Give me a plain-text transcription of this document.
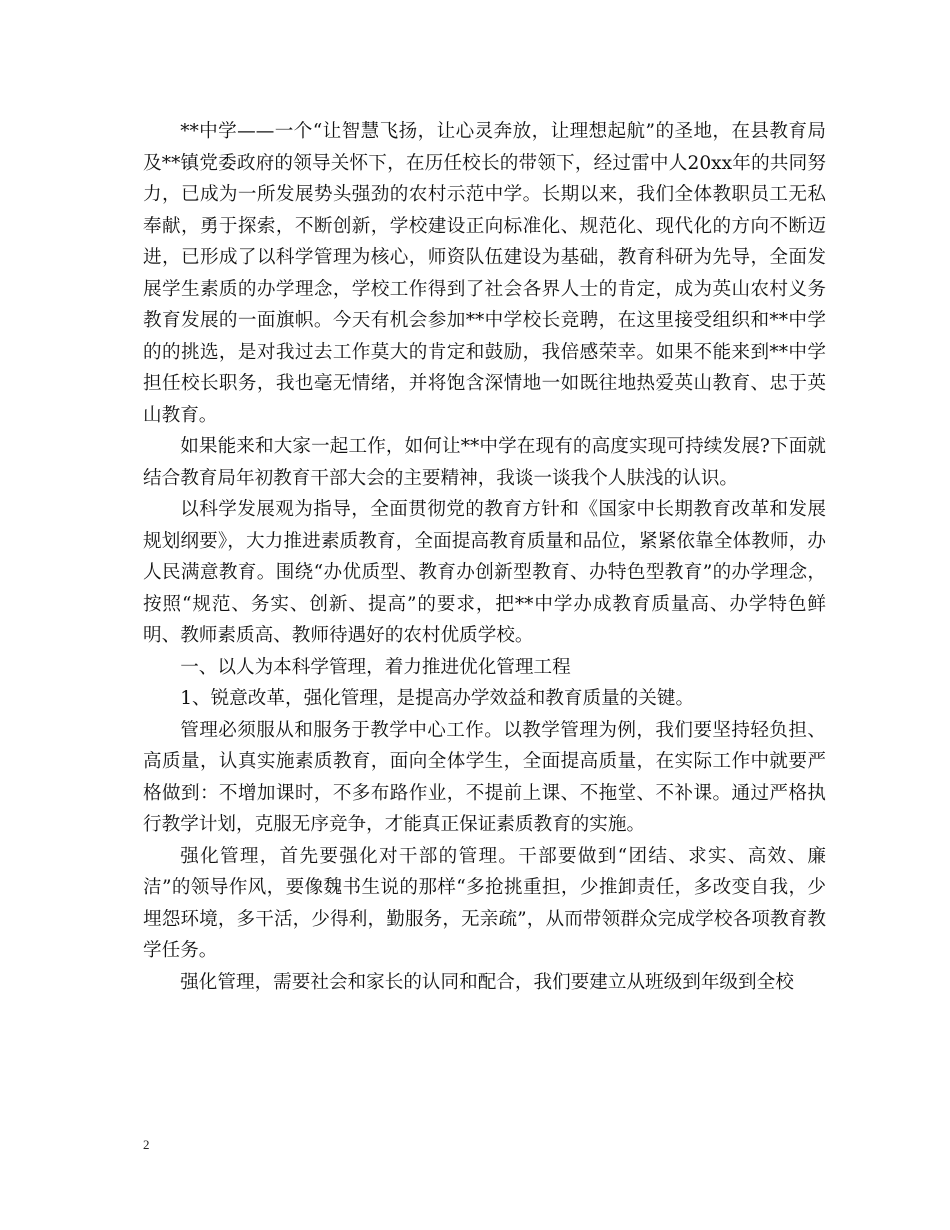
**中学——一个“让智慧飞扬，让心灵奔放，让理想起航”的圣地，在县教育局及**镇党委政府的领导关怀下，在历任校长的带领下，经过雷中人20xx年的共同努力，已成为一所发展势头强劲的农村示范中学。长期以来，我们全体教职员工无私奉献，勇于探索，不断创新，学校建设正向标准化、规范化、现代化的方向不断迈进，已形成了以科学管理为核心，师资队伍建设为基础，教育科研为先导，全面发展学生素质的办学理念，学校工作得到了社会各界人士的肯定，成为英山农村义务教育发展的一面旗帜。今天有机会参加**中学校长竞聘，在这里接受组织和**中学的的挑选，是对我过去工作莫大的肯定和鼓励，我倍感荣幸。如果不能来到**中学担任校长职务，我也毫无情绪，并将饱含深情地一如既往地热爱英山教育、忠于英山教育。

如果能来和大家一起工作，如何让**中学在现有的高度实现可持续发展?下面就结合教育局年初教育干部大会的主要精神，我谈一谈我个人肤浅的认识。

以科学发展观为指导，全面贯彻党的教育方针和《国家中长期教育改革和发展规划纲要》，大力推进素质教育，全面提高教育质量和品位，紧紧依靠全体教师，办人民满意教育。围绕“办优质型、教育办创新型教育、办特色型教育”的办学理念，按照“规范、务实、创新、提高”的要求，把**中学办成教育质量高、办学特色鲜明、教师素质高、教师待遇好的农村优质学校。

一、以人为本科学管理，着力推进优化管理工程

1、锐意改革，强化管理，是提高办学效益和教育质量的关键。

管理必须服从和服务于教学中心工作。以教学管理为例，我们要坚持轻负担、高质量，认真实施素质教育，面向全体学生，全面提高质量，在实际工作中就要严格做到：不增加课时，不多布路作业，不提前上课、不拖堂、不补课。通过严格执行教学计划，克服无序竞争，才能真正保证素质教育的实施。

强化管理，首先要强化对干部的管理。干部要做到“团结、求实、高效、廉洁”的领导作风，要像魏书生说的那样“多抢挑重担，少推卸责任，多改变自我，少埋怨环境，多干活，少得利，勤服务，无亲疏”，从而带领群众完成学校各项教育教学任务。

强化管理，需要社会和家长的认同和配合，我们要建立从班级到年级到全校

2
